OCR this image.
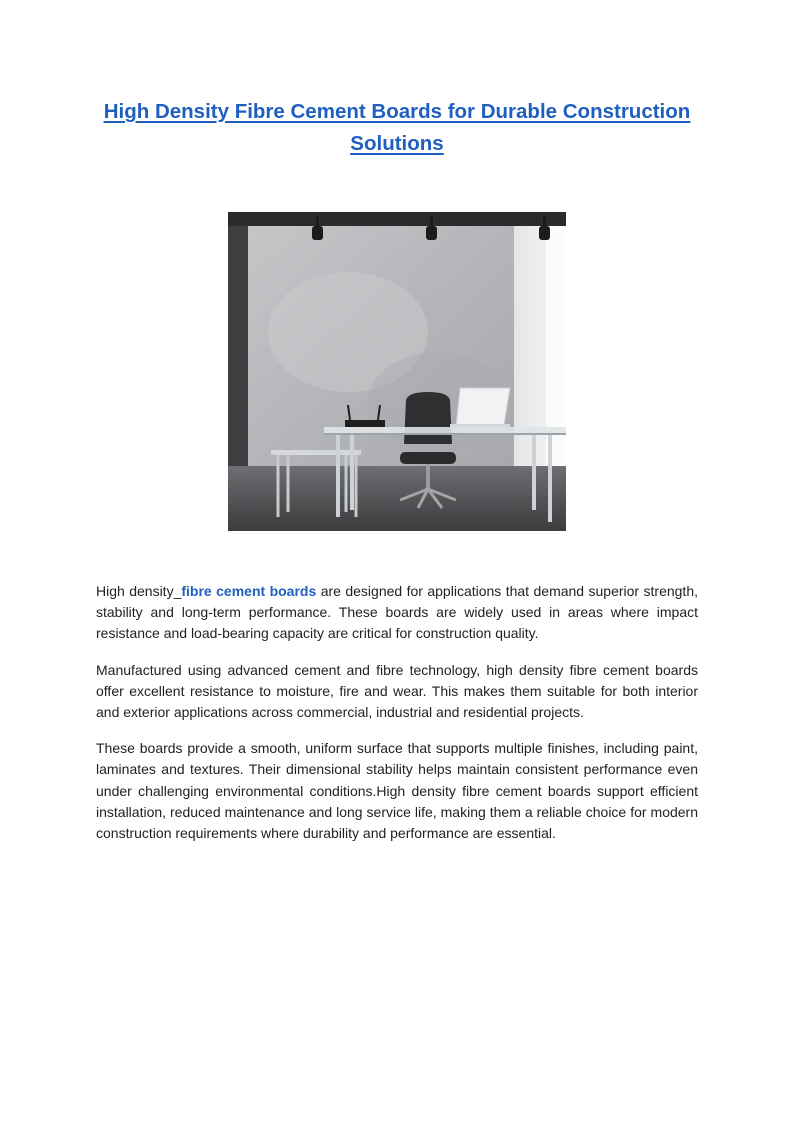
High Density Fibre Cement Boards for Durable Construction Solutions

High density_fibre cement boards are designed for applications that demand superior strength, stability and long-term performance. These boards are widely used in areas where impact resistance and load-bearing capacity are critical for construction quality.

Manufactured using advanced cement and fibre technology, high density fibre cement boards offer excellent resistance to moisture, fire and wear. This makes them suitable for both interior and exterior applications across commercial, industrial and residential projects.

These boards provide a smooth, uniform surface that supports multiple finishes, including paint, laminates and textures. Their dimensional stability helps maintain consistent performance even under challenging environmental conditions.High density fibre cement boards support efficient installation, reduced maintenance and long service life, making them a reliable choice for modern construction requirements where durability and performance are essential.
